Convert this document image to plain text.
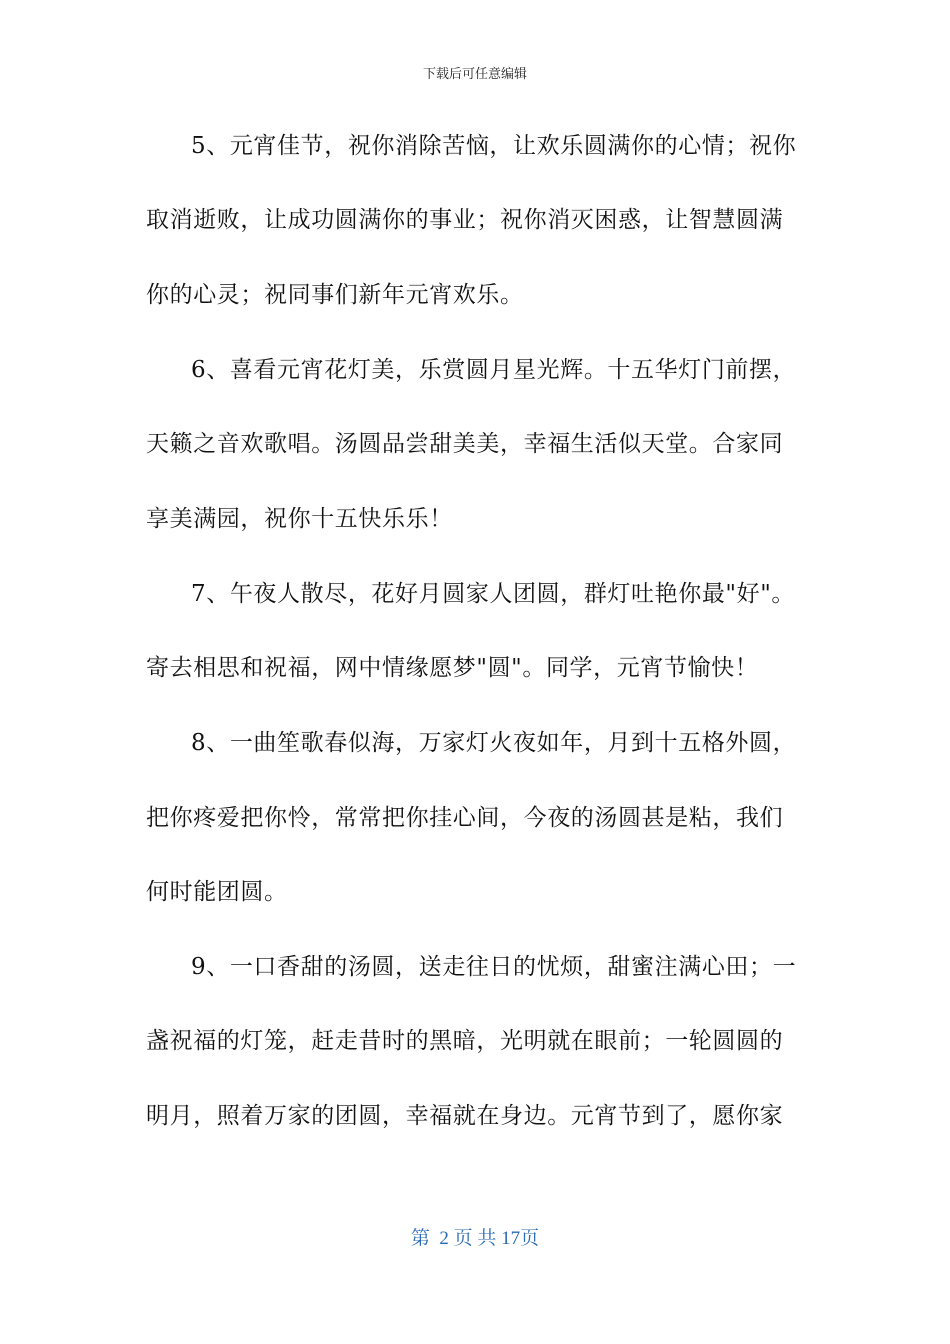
下载后可任意编辑
5、元宵佳节，祝你消除苦恼，让欢乐圆满你的心情；祝你
取消逝败，让成功圆满你的事业；祝你消灭困惑，让智慧圆满
你的心灵；祝同事们新年元宵欢乐。
6、喜看元宵花灯美，乐赏圆月星光辉。十五华灯门前摆，
天籁之音欢歌唱。汤圆品尝甜美美，幸福生活似天堂。合家同
享美满园，祝你十五快乐乐！
7、午夜人散尽，花好月圆家人团圆，群灯吐艳你最"好"。
寄去相思和祝福，网中情缘愿梦"圆"。同学，元宵节愉快！
8、一曲笙歌春似海，万家灯火夜如年，月到十五格外圆，
把你疼爱把你怜，常常把你挂心间，今夜的汤圆甚是粘，我们
何时能团圆。
9、一口香甜的汤圆，送走往日的忧烦，甜蜜注满心田；一
盏祝福的灯笼，赶走昔时的黑暗，光明就在眼前；一轮圆圆的
明月，照着万家的团圆，幸福就在身边。元宵节到了，愿你家
第  2 页 共 17页
